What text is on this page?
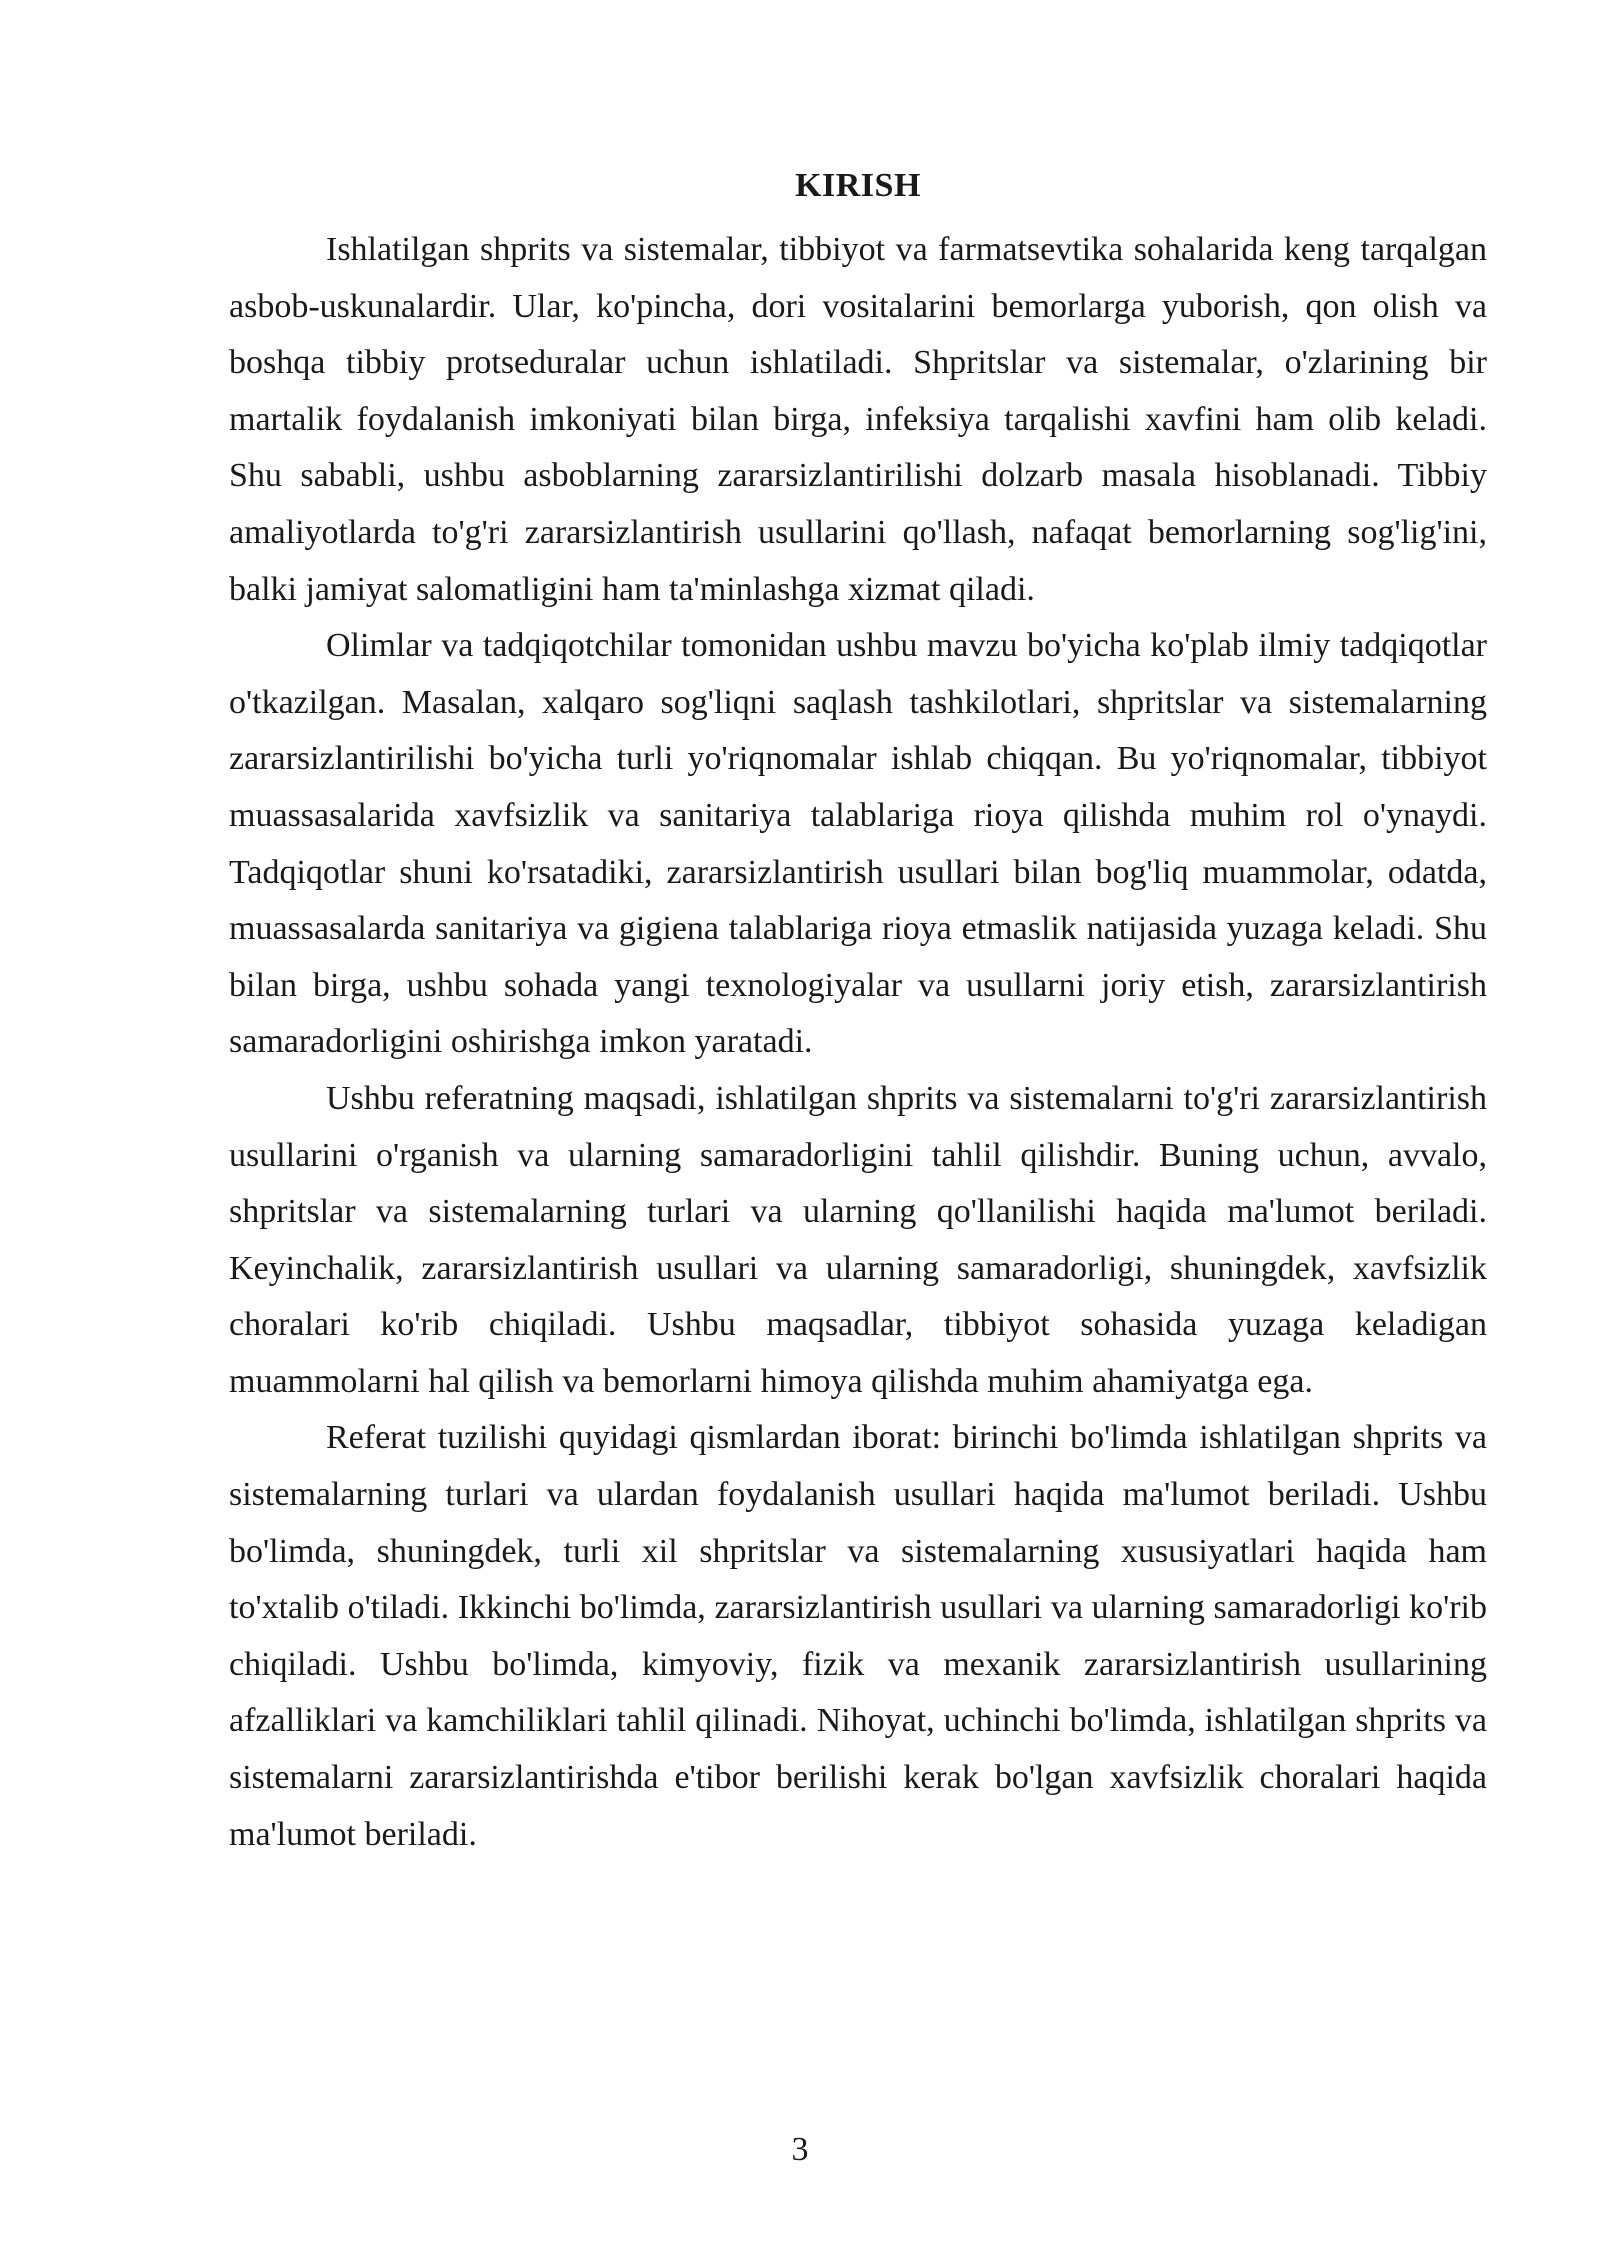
KIRISH

Ishlatilgan shprits va sistemalar, tibbiyot va farmatsevtika sohalarida keng tarqalgan asbob-uskunalardir. Ular, ko'pincha, dori vositalarini bemorlarga yuborish, qon olish va boshqa tibbiy protseduralar uchun ishlatiladi. Shpritslar va sistemalar, o'zlarining bir martalik foydalanish imkoniyati bilan birga, infeksiya tarqalishi xavfini ham olib keladi. Shu sababli, ushbu asboblarning zararsizlantirilishi dolzarb masala hisoblanadi. Tibbiy amaliyotlarda to'g'ri zararsizlantirish usullarini qo'llash, nafaqat bemorlarning sog'lig'ini, balki jamiyat salomatligini ham ta'minlashga xizmat qiladi.

Olimlar va tadqiqotchilar tomonidan ushbu mavzu bo'yicha ko'plab ilmiy tadqiqotlar o'tkazilgan. Masalan, xalqaro sog'liqni saqlash tashkilotlari, shpritslar va sistemalarning zararsizlantirilishi bo'yicha turli yo'riqnomalar ishlab chiqqan. Bu yo'riqnomalar, tibbiyot muassasalarida xavfsizlik va sanitariya talablariga rioya qilishda muhim rol o'ynaydi. Tadqiqotlar shuni ko'rsatadiki, zararsizlantirish usullari bilan bog'liq muammolar, odatda, muassasalarda sanitariya va gigiena talablariga rioya etmaslik natijasida yuzaga keladi. Shu bilan birga, ushbu sohada yangi texnologiyalar va usullarni joriy etish, zararsizlantirish samaradorligini oshirishga imkon yaratadi.

Ushbu referatning maqsadi, ishlatilgan shprits va sistemalarni to'g'ri zararsizlantirish usullarini o'rganish va ularning samaradorligini tahlil qilishdir. Buning uchun, avvalo, shpritslar va sistemalarning turlari va ularning qo'llanilishi haqida ma'lumot beriladi. Keyinchalik, zararsizlantirish usullari va ularning samaradorligi, shuningdek, xavfsizlik choralari ko'rib chiqiladi. Ushbu maqsadlar, tibbiyot sohasida yuzaga keladigan muammolarni hal qilish va bemorlarni himoya qilishda muhim ahamiyatga ega.

Referat tuzilishi quyidagi qismlardan iborat: birinchi bo'limda ishlatilgan shprits va sistemalarning turlari va ulardan foydalanish usullari haqida ma'lumot beriladi. Ushbu bo'limda, shuningdek, turli xil shpritslar va sistemalarning xususiyatlari haqida ham to'xtalib o'tiladi. Ikkinchi bo'limda, zararsizlantirish usullari va ularning samaradorligi ko'rib chiqiladi. Ushbu bo'limda, kimyoviy, fizik va mexanik zararsizlantirish usullarining afzalliklari va kamchiliklari tahlil qilinadi. Nihoyat, uchinchi bo'limda, ishlatilgan shprits va sistemalarni zararsizlantirishda e'tibor berilishi kerak bo'lgan xavfsizlik choralari haqida ma'lumot beriladi.

3
